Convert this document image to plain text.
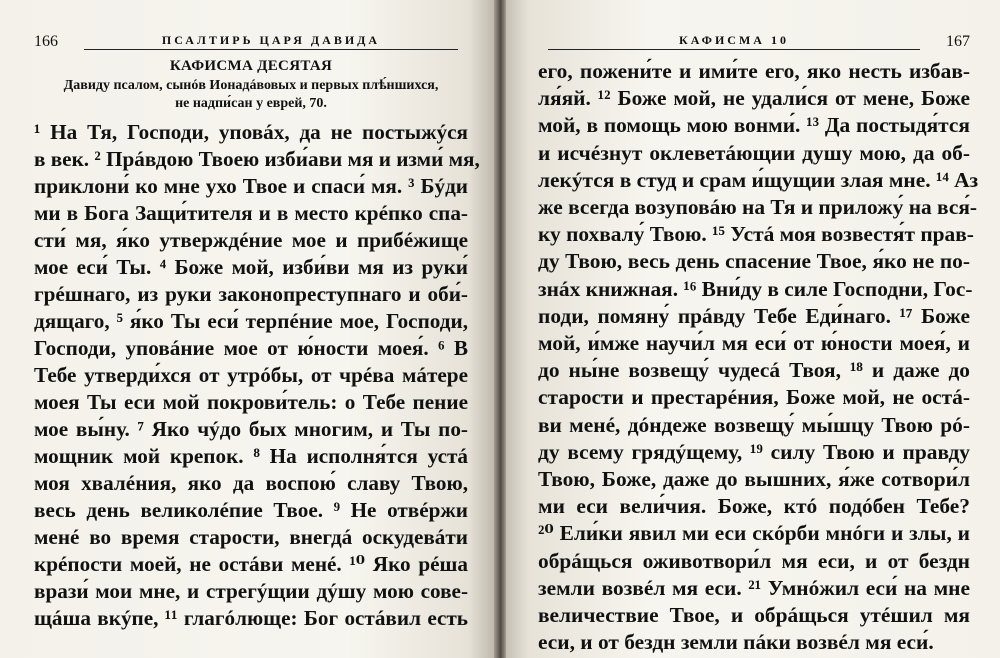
166	ПСАЛТИРЬ ЦАРЯ ДАВИДА
КАФИСМА ДЕСЯТАЯ
Давиду псалом, сынóв Ионадáвовых и первых плѣ́ншихся,
не надпи́сан у еврей, 70.
¹ На Тя, Господи, уповáх, да не постыжýся
в век. ² Прáвдою Твоею изби́ави мя и изми́ мя,
приклони́ ко мне ухо Твое и спаси́ мя. ³ Бýди
ми в Бога Защи́тителя и в место крéпко спа-
сти́ мя, я́ко утверждéние мое и прибéжище
мое еси́ Ты. ⁴ Боже мой, изби́ви мя из руки́
грéшнаго, из руки законопреступнаго и оби́-
дящаго, ⁵ я́ко Ты еси́ терпéние мое, Господи,
Господи, уповáние мое от ю́ности моея́. ⁶ В
Тебе утверди́хся от утрóбы, от чрéва мáтере
моея Ты еси мой покрови́тель: о Тебе пение
мое вы́ну. ⁷ Яко чýдо бых многим, и Ты по-
мощник мой крепок. ⁸ На исполня́тся устá
моя хвалéния, яко да воспою́ славу Твою,
весь день великолéпие Твое. ⁹ Не отвéржи
менé во время старости, внегдá оскудевáти
крéпости моей, не остáви менé. ¹⁰ Яко рéша
врази́ мои мне, и стрегýщии дýшу мою сове-
щáша вкýпе, ¹¹ глагóлюще: Бог остáвил есть
КАФИСМА 10	167
его, пожени́те и ими́те его, яко несть избав-
ля́яй. ¹² Боже мой, не удали́ся от мене, Боже
мой, в помощь мою вонми́. ¹³ Да постыдя́тся
и исчéзнут оклеветáющии душу мою, да об-
лекýтся в студ и срам и́щущии злая мне. ¹⁴ Аз
же всегда возуповáю на Тя и приложу́ на вся́-
ку похвалу́ Твою. ¹⁵ Устá моя возвестя́т прав-
ду Твою, весь день спасение Твое, я́ко не по-
знáх книжная. ¹⁶ Вни́ду в силе Господни, Гос-
поди, помяну́ прáвду Тебе Еди́наго. ¹⁷ Боже
мой, и́мже научи́л мя еси́ от ю́ности моея́, и
до ны́не возвещу́ чудесá Твоя, ¹⁸ и даже до
старости и престарéния, Боже мой, не остá-
ви менé, дóндеже возвещу́ мы́шцу Твою рó-
ду всему грядýщему, ¹⁹ силу Твою и правду
Твою, Боже, даже до вышних, я́же сотвори́л
ми еси вели́чия. Боже, ктó подóбен Тебе?
²⁰ Ели́ки явил ми еси скóрби мнóги и злы, и
обрáщься оживотвори́л мя еси, и от бездн
земли возвéл мя еси. ²¹ Умнóжил еси́ на мне
величествие Твое, и обрáщься утéшил мя
еси, и от бездн земли пáки возвéл мя еси́.
